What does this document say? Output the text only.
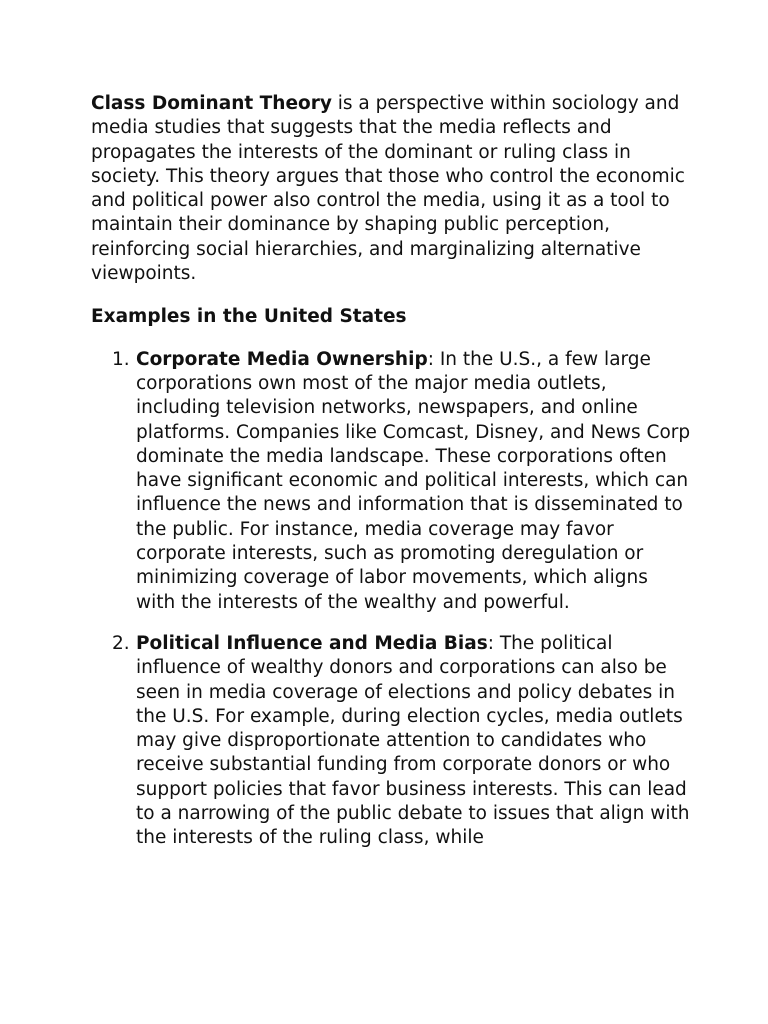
Class Dominant Theory is a perspective within sociology and media studies that suggests that the media reflects and propagates the interests of the dominant or ruling class in society. This theory argues that those who control the economic and political power also control the media, using it as a tool to maintain their dominance by shaping public perception, reinforcing social hierarchies, and marginalizing alternative viewpoints.

Examples in the United States
1. Corporate Media Ownership: In the U.S., a few large corporations own most of the major media outlets, including television networks, newspapers, and online platforms. Companies like Comcast, Disney, and News Corp dominate the media landscape. These corporations often have significant economic and political interests, which can influence the news and information that is disseminated to the public. For instance, media coverage may favor corporate interests, such as promoting deregulation or minimizing coverage of labor movements, which aligns with the interests of the wealthy and powerful.
2. Political Influence and Media Bias: The political influence of wealthy donors and corporations can also be seen in media coverage of elections and policy debates in the U.S. For example, during election cycles, media outlets may give disproportionate attention to candidates who receive substantial funding from corporate donors or who support policies that favor business interests. This can lead to a narrowing of the public debate to issues that align with the interests of the ruling class, while
